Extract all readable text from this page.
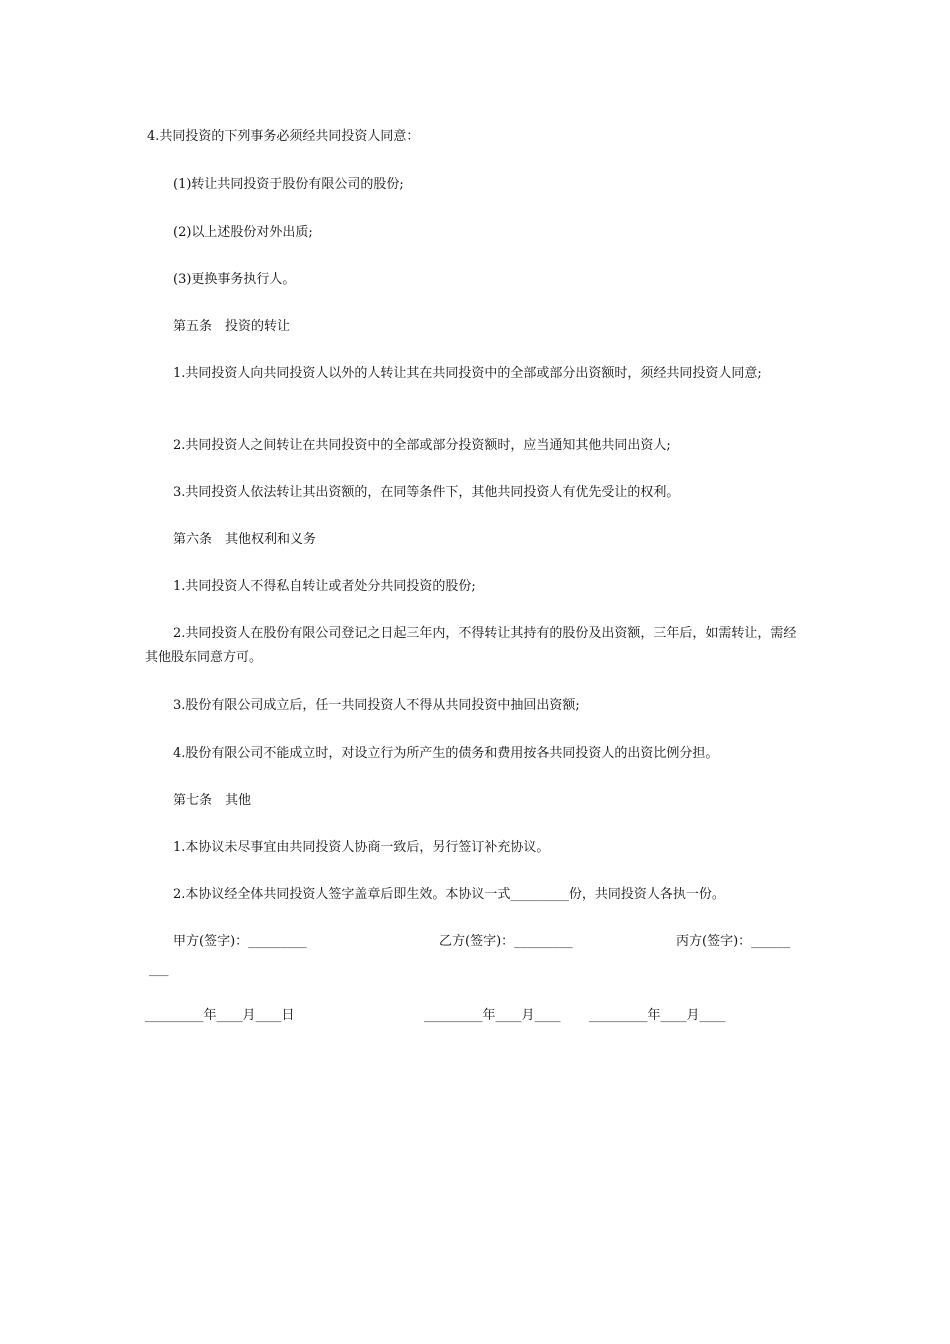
4.共同投资的下列事务必须经共同投资人同意：
(1)转让共同投资于股份有限公司的股份;
(2)以上述股份对外出质;
(3)更换事务执行人。
第五条　投资的转让
1.共同投资人向共同投资人以外的人转让其在共同投资中的全部或部分出资额时，须经共同投资人同意;
2.共同投资人之间转让在共同投资中的全部或部分投资额时，应当通知其他共同出资人;
3.共同投资人依法转让其出资额的，在同等条件下，其他共同投资人有优先受让的权利。
第六条　其他权利和义务
1.共同投资人不得私自转让或者处分共同投资的股份;
2.共同投资人在股份有限公司登记之日起三年内，不得转让其持有的股份及出资额，三年后，如需转让，需经其他股东同意方可。
3.股份有限公司成立后，任一共同投资人不得从共同投资中抽回出资额;
4.股份有限公司不能成立时，对设立行为所产生的债务和费用按各共同投资人的出资比例分担。
第七条　其他
1.本协议未尽事宜由共同投资人协商一致后，另行签订补充协议。
2.本协议经全体共同投资人签字盖章后即生效。本协议一式_________份，共同投资人各执一份。
甲方(签字)：_________	乙方(签字)：_________	丙方(签字)：______
___
_________年____月____日	_________年____月____ _________年____月____
